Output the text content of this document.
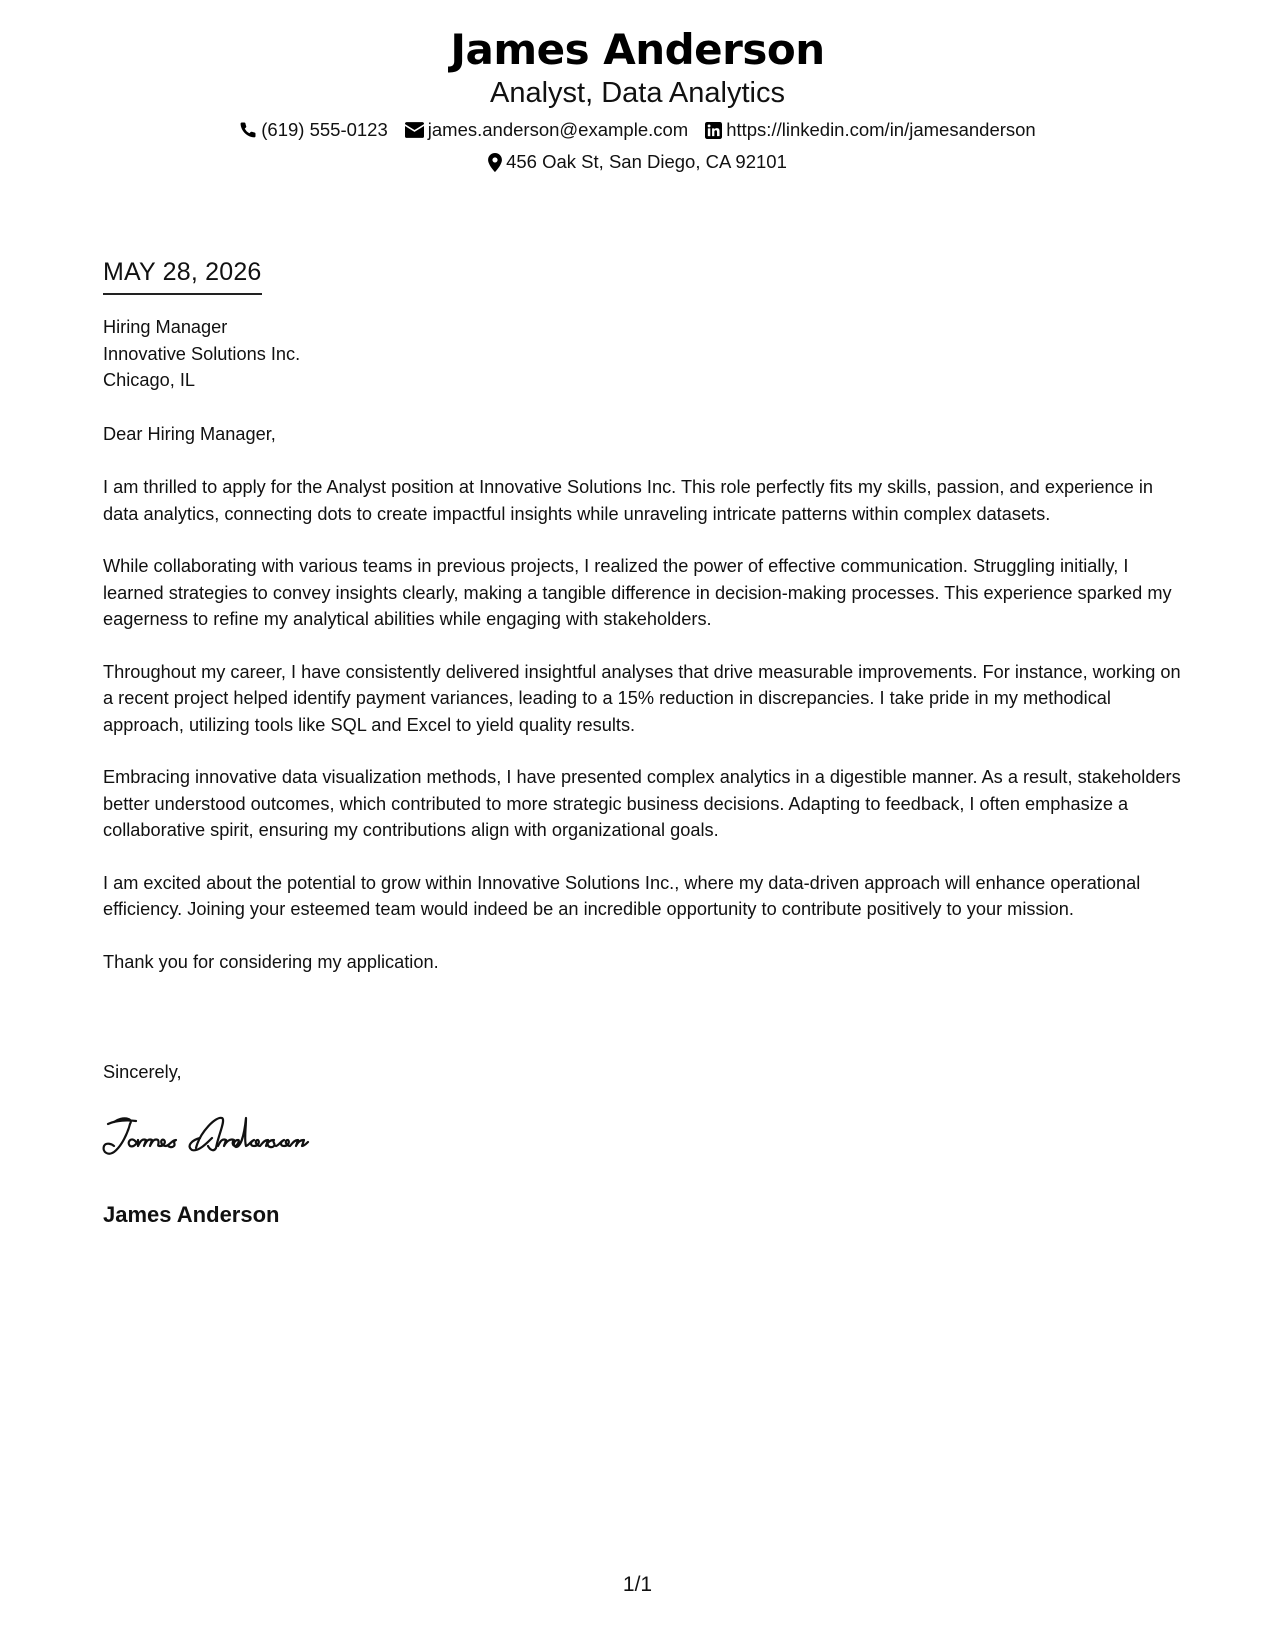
James Anderson
Analyst, Data Analytics
(619) 555-0123 james.anderson@example.com https://linkedin.com/in/jamesanderson
456 Oak St, San Diego, CA 92101
MAY 28, 2026
Hiring Manager
Innovative Solutions Inc.
Chicago, IL
Dear Hiring Manager,

I am thrilled to apply for the Analyst position at Innovative Solutions Inc. This role perfectly fits my skills, passion, and experience in data analytics, connecting dots to create impactful insights while unraveling intricate patterns within complex datasets.

While collaborating with various teams in previous projects, I realized the power of effective communication. Struggling initially, I learned strategies to convey insights clearly, making a tangible difference in decision-making processes. This experience sparked my eagerness to refine my analytical abilities while engaging with stakeholders.

Throughout my career, I have consistently delivered insightful analyses that drive measurable improvements. For instance, working on a recent project helped identify payment variances, leading to a 15% reduction in discrepancies. I take pride in my methodical approach, utilizing tools like SQL and Excel to yield quality results.

Embracing innovative data visualization methods, I have presented complex analytics in a digestible manner. As a result, stakeholders better understood outcomes, which contributed to more strategic business decisions. Adapting to feedback, I often emphasize a collaborative spirit, ensuring my contributions align with organizational goals.

I am excited about the potential to grow within Innovative Solutions Inc., where my data-driven approach will enhance operational efficiency. Joining your esteemed team would indeed be an incredible opportunity to contribute positively to your mission.

Thank you for considering my application.

Sincerely,
James Anderson
1/1
